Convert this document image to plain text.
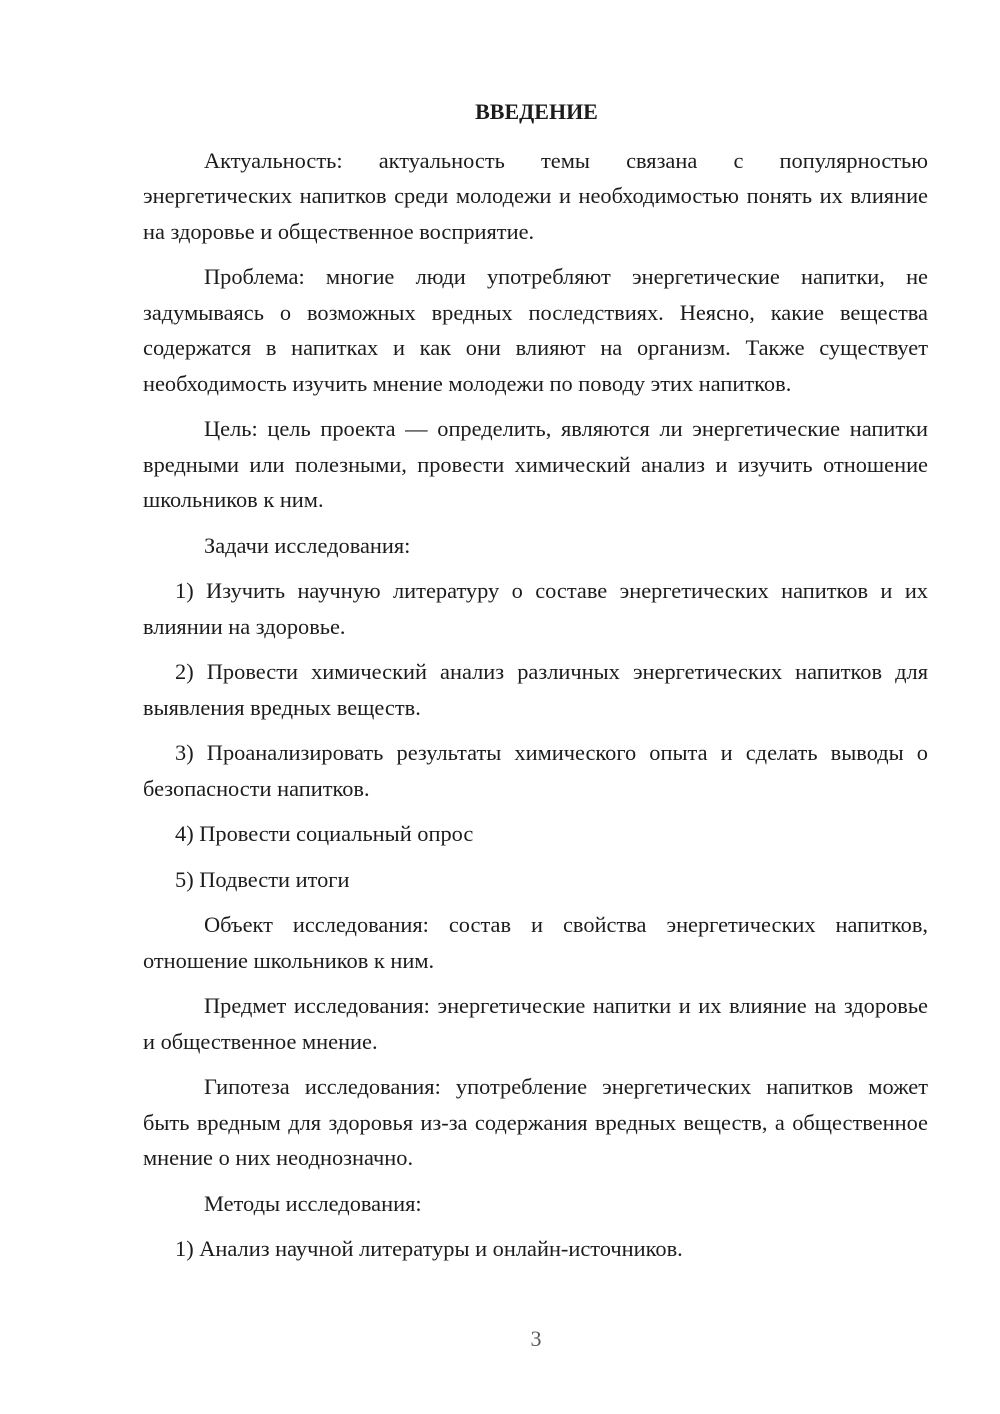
ВВЕДЕНИЕ

Актуальность: актуальность темы связана с популярностью энергетических напитков среди молодежи и необходимостью понять их влияние на здоровье и общественное восприятие.

Проблема: многие люди употребляют энергетические напитки, не задумываясь о возможных вредных последствиях. Неясно, какие вещества содержатся в напитках и как они влияют на организм. Также существует необходимость изучить мнение молодежи по поводу этих напитков.

Цель: цель проекта — определить, являются ли энергетические напитки вредными или полезными, провести химический анализ и изучить отношение школьников к ним.

Задачи исследования:

1) Изучить научную литературу о составе энергетических напитков и их влиянии на здоровье.

2) Провести химический анализ различных энергетических напитков для выявления вредных веществ.

3) Проанализировать результаты химического опыта и сделать выводы о безопасности напитков.

4) Провести социальный опрос

5) Подвести итоги

Объект исследования: состав и свойства энергетических напитков, отношение школьников к ним.

Предмет исследования: энергетические напитки и их влияние на здоровье и общественное мнение.

Гипотеза исследования: употребление энергетических напитков может быть вредным для здоровья из-за содержания вредных веществ, а общественное мнение о них неоднозначно.

Методы исследования:

1) Анализ научной литературы и онлайн-источников.

3
